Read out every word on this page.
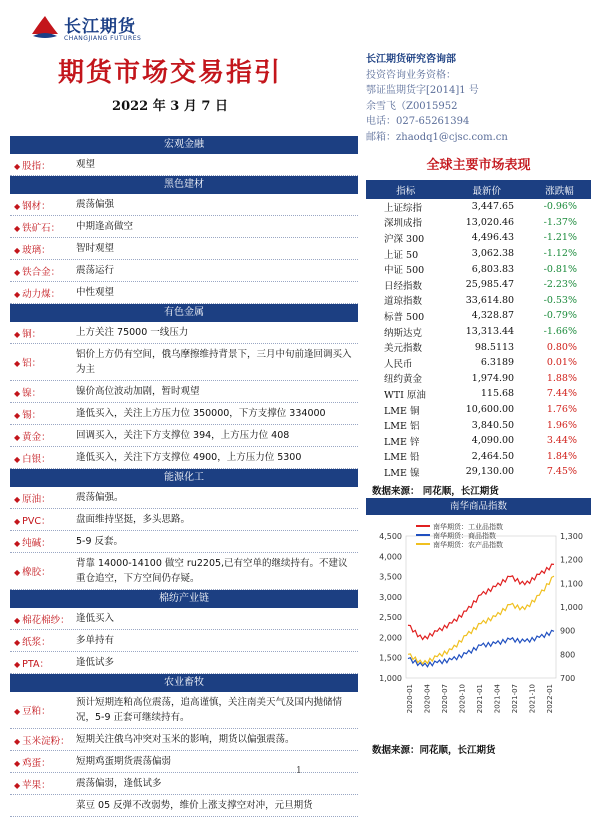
长江期货
CHANGJIANG FUTURES
期货市场交易指引
2022 年 3 月 7 日
宏观金融
◆ 股指：	观望
黑色建材
◆ 钢材：	震荡偏强
◆ 铁矿石：	中期逢高做空
◆ 玻璃：	智时观望
◆ 铁合金：	震荡运行
◆ 动力煤：	中性观望
有色金属
◆ 铜：	上方关注 75000 一线压力
◆ 铝：
铝价上方仍有空间，俄乌摩擦维持背景下，三月中旬前逢回调买入为主
◆ 镍：	镍价高位波动加剧，暂时观望
◆ 锡：	逢低买入，关注上方压力位 350000，下方支撑位 334000
◆ 黄金：	回调买入，关注下方支撑位 394，上方压力位 408
◆ 白银：	逢低买入，关注下方支撑位 4900，上方压力位 5300
能源化工
◆ 原油：	震荡偏强。
◆ PVC：	盘面维持坚挺，多头思路。
◆ 纯碱：	5-9 反套。
◆ 橡胶：
背靠 14000-14100 做空 ru2205,已有空单的继续持有。不建议重仓追空，下方空间仍存疑。
棉纺产业链
◆ 棉花棉纱： 逢低买入
◆ 纸浆：	多单持有
◆ PTA：	逢低试多
农业畜牧
◆ 豆粕：
预计短期连粕高位震荡，追高谨慎，关注南美天气及国内抛储情况，5-9 正套可继续持有。
◆ 玉米淀粉： 短期关注俄乌冲突对玉米的影响，期货以偏强震荡。
◆ 鸡蛋：	短期鸡蛋期货震荡偏弱
◆ 苹果：	震荡偏弱，逢低试多
菜豆 05 反弹不改弱势，维价上涨支撑空对冲，元旦期货
长江期货研究咨询部
投资咨询业务资格：
鄂证监期货字[2014]1 号
余雪飞（Z0015952
电话：027-65261394
邮箱：zhaodq1@cjsc.com.cn
全球主要市场表现
指标	最新价	涨跌幅
上证综指	3,447.65	-0.96%
深圳成指	13,020.46	-1.37%
沪深 300	4,496.43	-1.21%
上证 50	3,062.38	-1.12%
中证 500	6,803.83	-0.81%
日经指数	25,985.47	-2.23%
道琼指数	33,614.80	-0.53%
标普 500	4,328.87	-0.79%
纳斯达克	13,313.44	-1.66%
美元指数	98.5113	0.80%
人民币	6.3189	0.01%
纽约黄金	1,974.90	1.88%
WTI 原油	115.68	7.44%
LME 铜	10,600.00	1.76%
LME 铝	3,840.50	1.96%
LME 锌	4,090.00	3.44%
LME 铅	2,464.50	1.84%
LME 镍	29,130.00	7.45%
数据来源： 同花顺，长江期货
南华商品指数
4,500
4,000
3,500
3,000
2,500
2,000
1,500
1,000
1,300
1,200
1,100
1,000
900
800
700
2020-01 2020-04 2020-07 2020-10 2021-01 2021-04 2021-07 2021-10 2022-01
南华期货：工业品指数
南华期货：商品指数
南华期货：农产品指数
数据来源：同花顺，长江期货
1
